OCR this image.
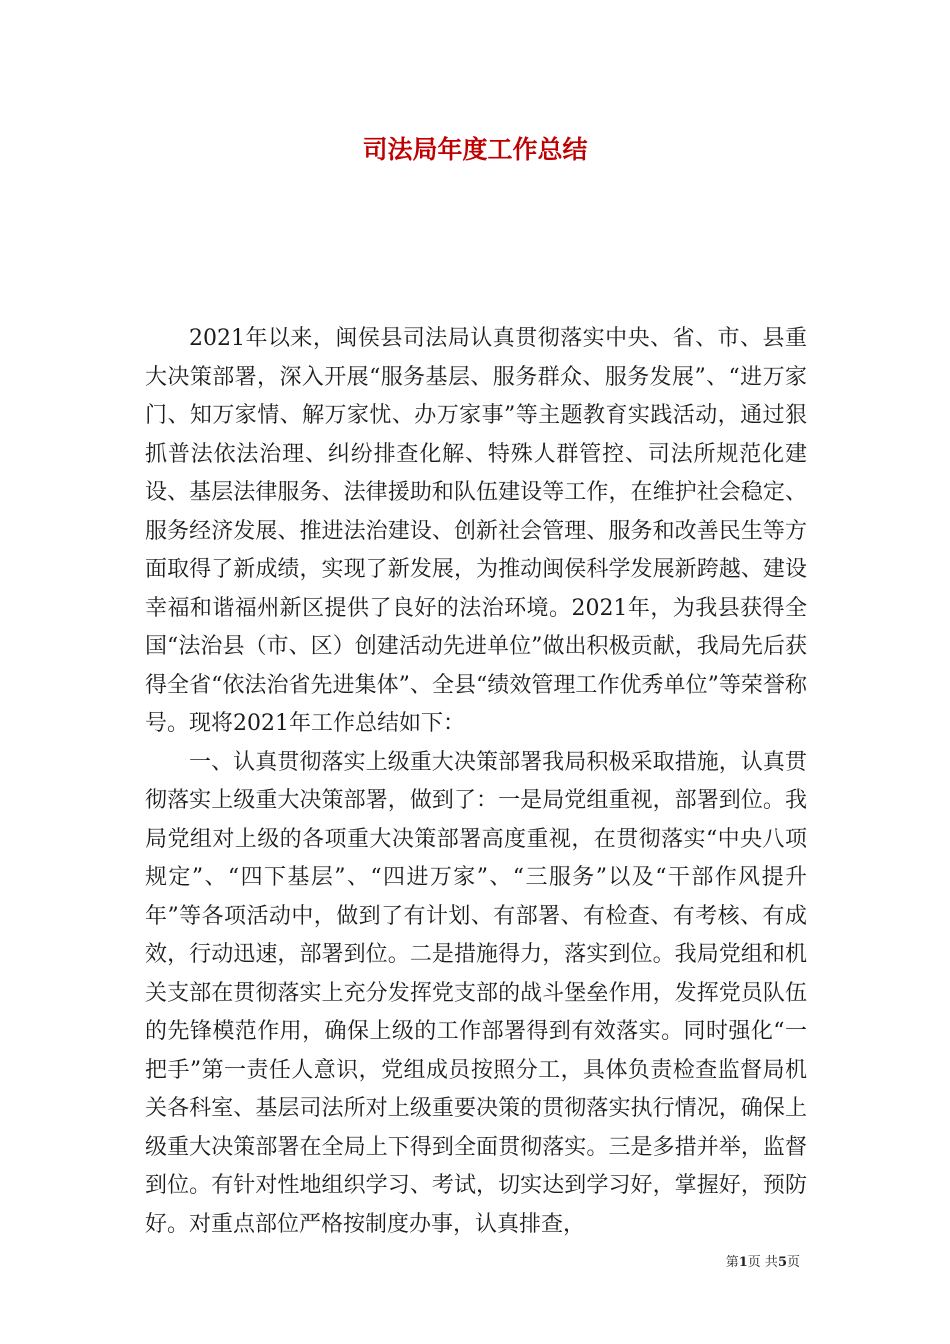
司法局年度工作总结

2021年以来，闽侯县司法局认真贯彻落实中央、省、市、县重大决策部署，深入开展“服务基层、服务群众、服务发展”、“进万家门、知万家情、解万家忧、办万家事”等主题教育实践活动，通过狠抓普法依法治理、纠纷排查化解、特殊人群管控、司法所规范化建设、基层法律服务、法律援助和队伍建设等工作，在维护社会稳定、服务经济发展、推进法治建设、创新社会管理、服务和改善民生等方面取得了新成绩，实现了新发展，为推动闽侯科学发展新跨越、建设幸福和谐福州新区提供了良好的法治环境。2021年，为我县获得全国“法治县（市、区）创建活动先进单位”做出积极贡献，我局先后获得全省“依法治省先进集体”、全县“绩效管理工作优秀单位”等荣誉称号。现将2021年工作总结如下：

一、认真贯彻落实上级重大决策部署我局积极采取措施，认真贯彻落实上级重大决策部署，做到了：一是局党组重视，部署到位。我局党组对上级的各项重大决策部署高度重视，在贯彻落实“中央八项规定”、“四下基层”、“四进万家”、“三服务”以及“干部作风提升年”等各项活动中，做到了有计划、有部署、有检查、有考核、有成效，行动迅速，部署到位。二是措施得力，落实到位。我局党组和机关支部在贯彻落实上充分发挥党支部的战斗堡垒作用，发挥党员队伍的先锋模范作用，确保上级的工作部署得到有效落实。同时强化“一把手”第一责任人意识，党组成员按照分工，具体负责检查监督局机关各科室、基层司法所对上级重要决策的贯彻落实执行情况，确保上级重大决策部署在全局上下得到全面贯彻落实。三是多措并举，监督到位。有针对性地组织学习、考试，切实达到学习好，掌握好，预防好。对重点部位严格按制度办事，认真排查，

第1页 共5页
